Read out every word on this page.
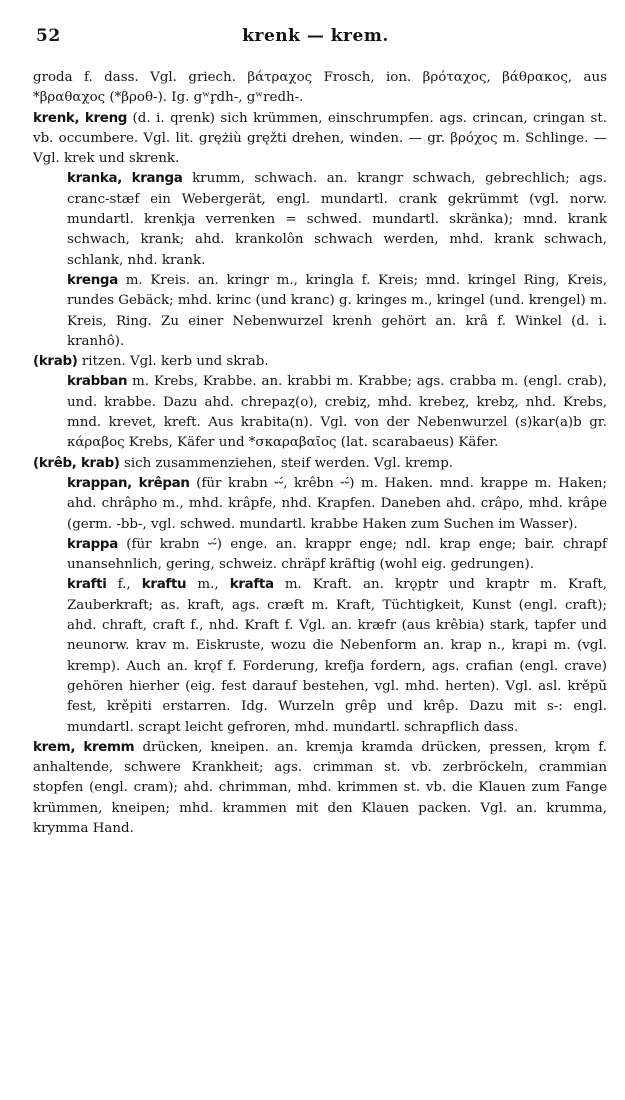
52	krenk — krem.

groda f. dass. Vgl. griech. βάτραχος Frosch, ion. βρόταχος, βάθρακος, aus *βραθαχος (*βροθ-). Ig. gʷr̥dh-, gʷredh-.

krenk, kreng (d. i. qrenk) sich krümmen, einschrumpfen. ags. crincan, cringan st. vb. occumbere. Vgl. lit. grężiù gręžti drehen, winden. — gr. βρόχος m. Schlinge. — Vgl. krek und skrenk.

kranka, kranga krumm, schwach. an. krangr schwach, gebrechlich; ags. cranc-stæf ein Webergerät, engl. mundartl. crank gekrümmt (vgl. norw. mundartl. krenkja verrenken = schwed. mundartl. skränka); mnd. krank schwach, krank; ahd. krankolôn schwach werden, mhd. krank schwach, schlank, nhd. krank.

krenga m. Kreis. an. kringr m., kringla f. Kreis; mnd. kringel Ring, Kreis, rundes Gebäck; mhd. krinc (und kranc) g. kringes m., kringel (und. krengel) m. Kreis, Ring. Zu einer Nebenwurzel krenh gehört an. krâ f. Winkel (d. i. kranhô).

(krab) ritzen. Vgl. kerb und skrab.

krabban m. Krebs, Krabbe. an. krabbi m. Krabbe; ags. crabba m. (engl. crab), und. krabbe. Dazu ahd. chrepaȥ(o), crebiȥ, mhd. krebeȥ, krebȥ, nhd. Krebs, mnd. krevet, kreft. Aus krabita(n). Vgl. von der Nebenwurzel (s)kar(a)b gr. κάραβος Krebs, Käfer und *σκαραβαῖος (lat. scarabaeus) Käfer.

(krêb, krab) sich zusammenziehen, steif werden. Vgl. kremp.

krappan, krêpan (für krabn ⏑⏑́, krêbn ⏑⏑́) m. Haken. mnd. krappe m. Haken; ahd. chrâpho m., mhd. krâpfe, nhd. Krapfen. Daneben ahd. crâpo, mhd. krâpe (germ. -bb-, vgl. schwed. mundartl. krabbe Haken zum Suchen im Wasser).

krappa (für krabn ⏑⏑́) enge. an. krappr enge; ndl. krap enge; bair. chrapf unansehnlich, gering, schweiz. chräpf kräftig (wohl eig. gedrungen).

krafti f., kraftu m., krafta m. Kraft. an. krǫptr und kraptr m. Kraft, Zauberkraft; as. kraft, ags. cræft m. Kraft, Tüchtigkeit, Kunst (engl. craft); ahd. chraft, craft f., nhd. Kraft f. Vgl. an. kræfr (aus krêbia) stark, tapfer und neunorw. krav m. Eiskruste, wozu die Nebenform an. krap n., krapi m. (vgl. kremp). Auch an. krǫf f. Forderung, krefja fordern, ags. crafian (engl. crave) gehören hierher (eig. fest darauf bestehen, vgl. mhd. herten). Vgl. asl. krěpŭ fest, krěpiti erstarren. Idg. Wurzeln grêp und krêp. Dazu mit s-: engl. mundartl. scrapt leicht gefroren, mhd. mundartl. schrapflich dass.

krem, kremm drücken, kneipen. an. kremja kramda drücken, pressen, krǫm f. anhaltende, schwere Krankheit; ags. crimman st. vb. zerbröckeln, crammian stopfen (engl. cram); ahd. chrimman, mhd. krimmen st. vb. die Klauen zum Fange krümmen, kneipen; mhd. krammen mit den Klauen packen. Vgl. an. krumma, krymma Hand.
